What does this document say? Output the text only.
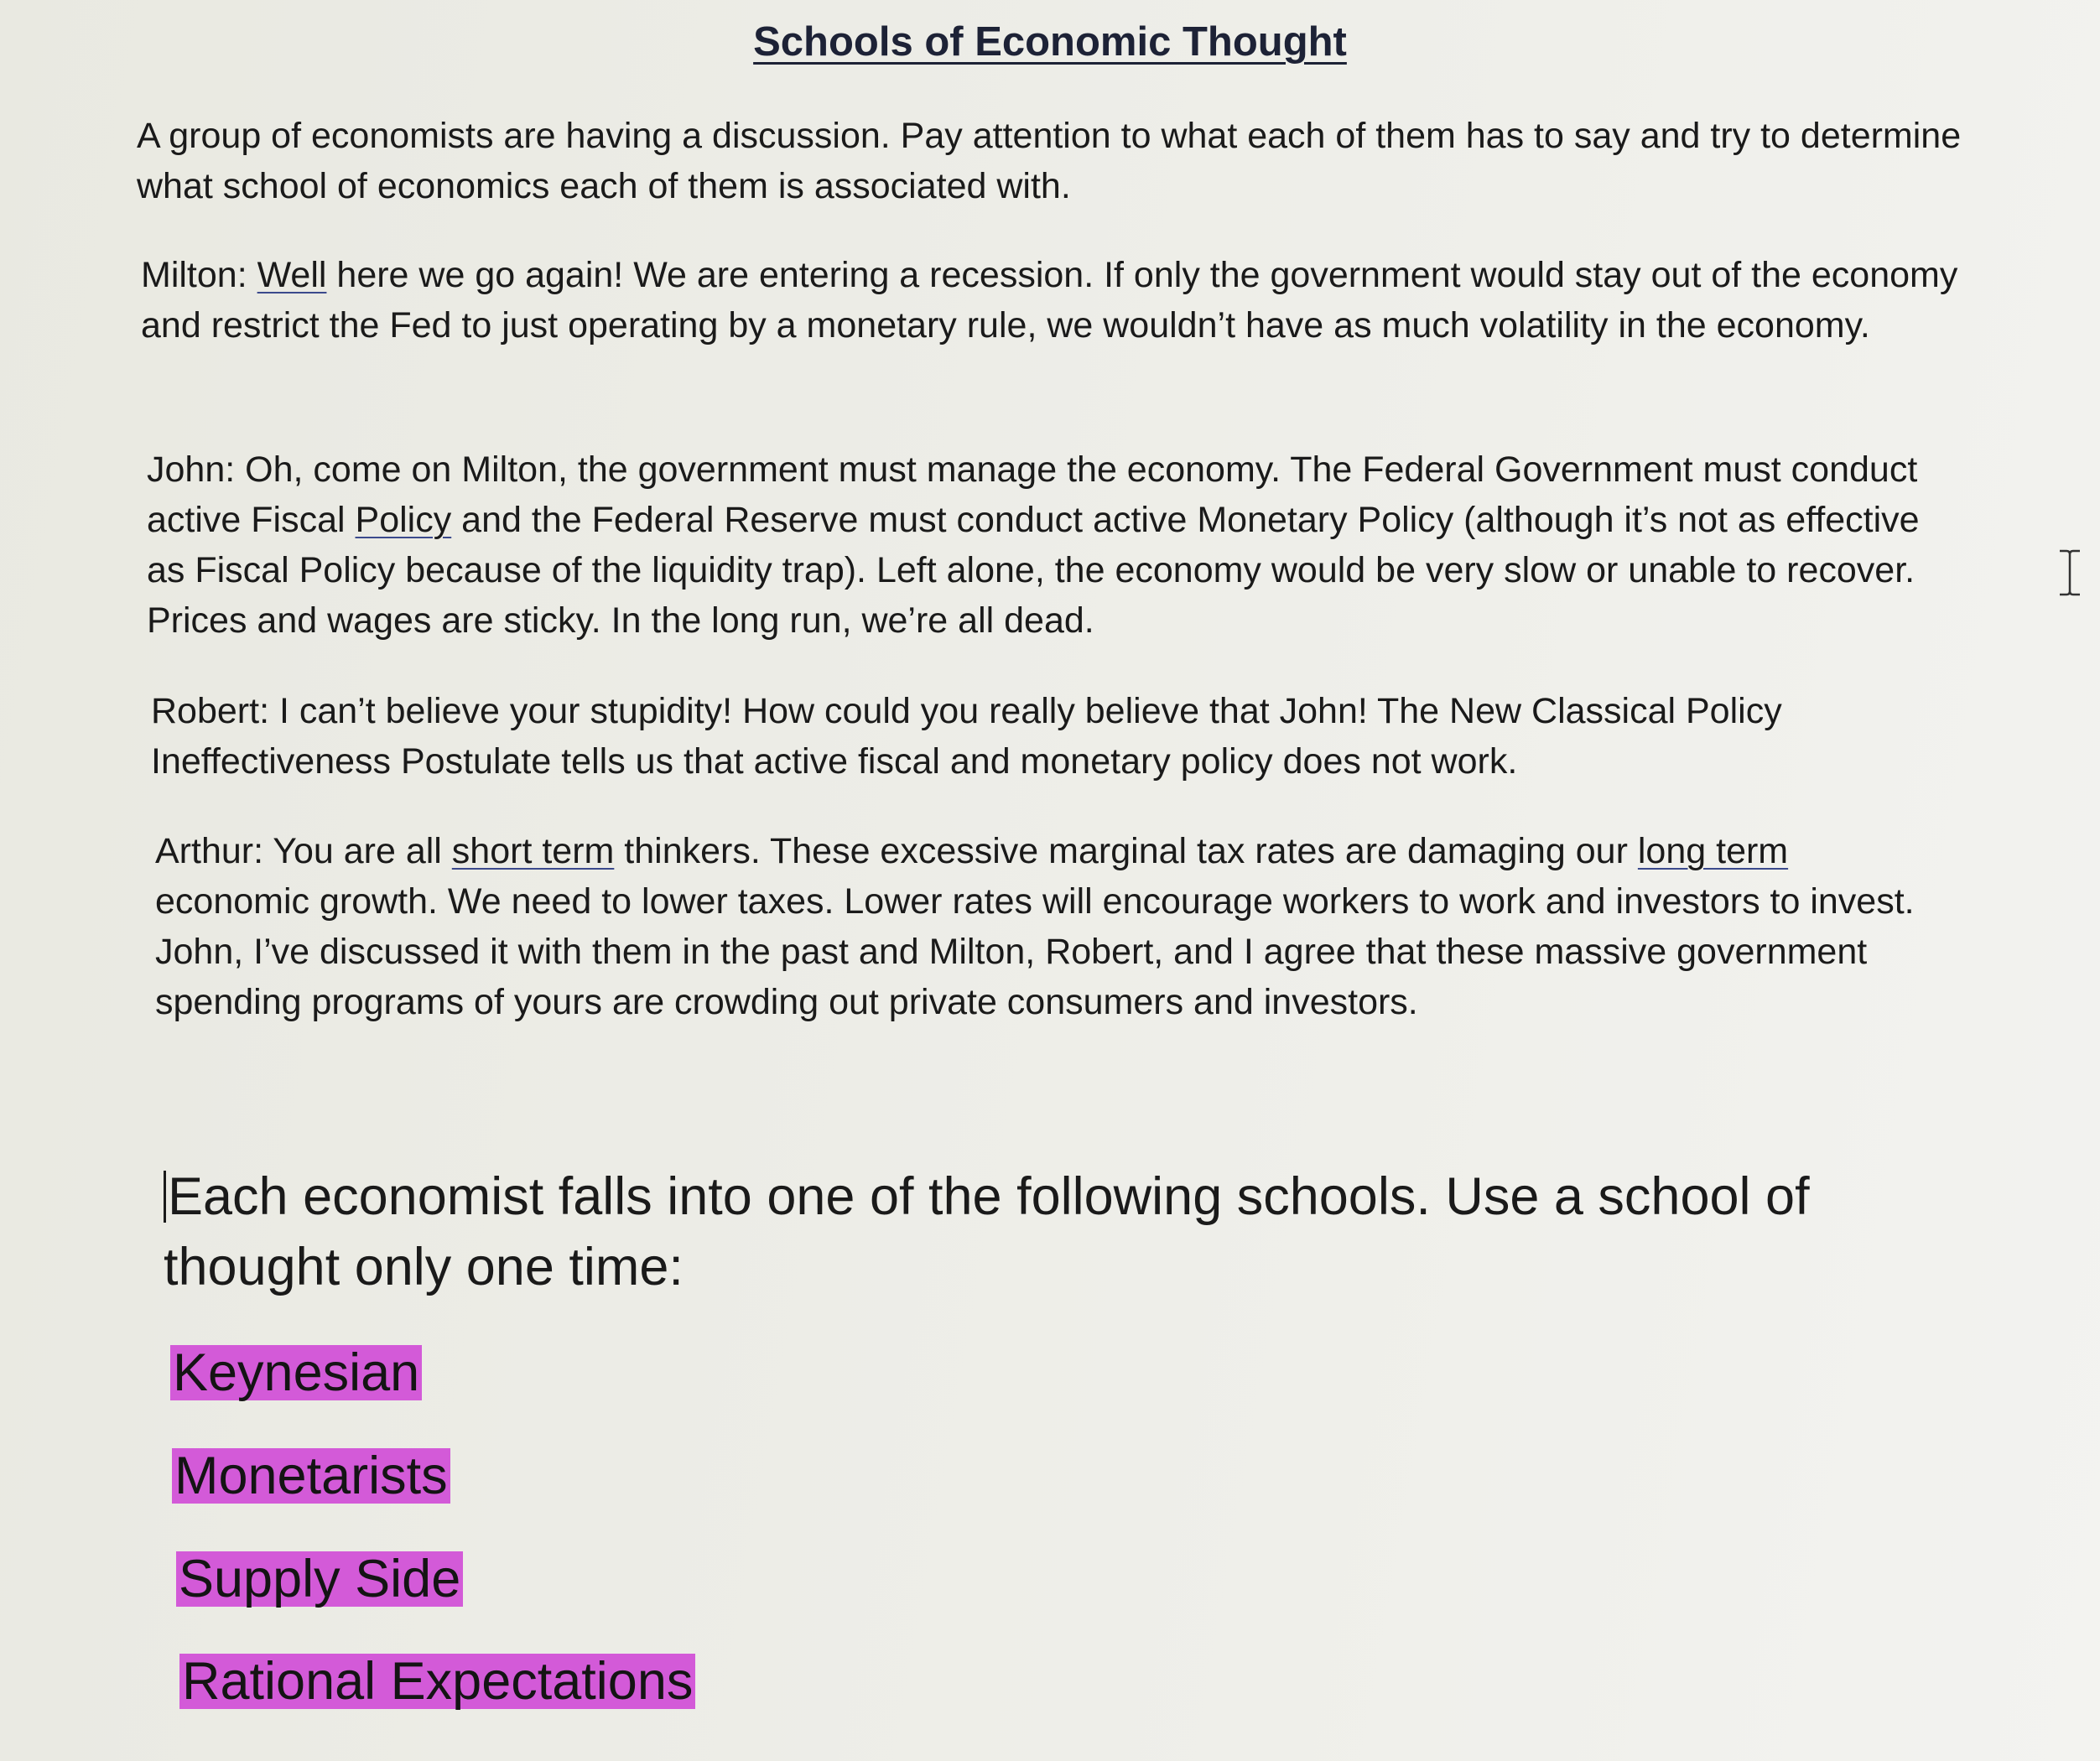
Schools of Economic Thought

A group of economists are having a discussion. Pay attention to what each of them has to say and try to determine what school of economics each of them is associated with.

Milton: Well here we go again! We are entering a recession. If only the government would stay out of the economy and restrict the Fed to just operating by a monetary rule, we wouldn’t have as much volatility in the economy.

John: Oh, come on Milton, the government must manage the economy. The Federal Government must conduct active Fiscal Policy and the Federal Reserve must conduct active Monetary Policy (although it’s not as effective as Fiscal Policy because of the liquidity trap). Left alone, the economy would be very slow or unable to recover. Prices and wages are sticky. In the long run, we’re all dead.

Robert: I can’t believe your stupidity! How could you really believe that John! The New Classical Policy Ineffectiveness Postulate tells us that active fiscal and monetary policy does not work.

Arthur: You are all short term thinkers. These excessive marginal tax rates are damaging our long term economic growth. We need to lower taxes. Lower rates will encourage workers to work and investors to invest. John, I’ve discussed it with them in the past and Milton, Robert, and I agree that these massive government spending programs of yours are crowding out private consumers and investors.

Each economist falls into one of the following schools. Use a school of thought only one time:

Keynesian
Monetarists
Supply Side
Rational Expectations
